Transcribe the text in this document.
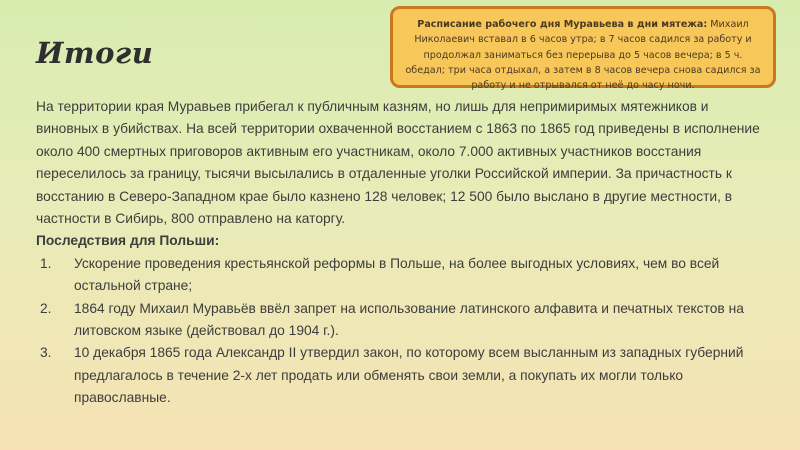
Итоги
Расписание рабочего дня Муравьева в дни мятежа: Михаил Николаевич вставал в 6 часов утра; в 7 часов садился за работу и продолжал заниматься без перерыва до 5 часов вечера; в 5 ч. обедал; три часа отдыхал, а затем в 8 часов вечера снова садился за работу и не отрывался от неё до часу ночи.

На территории края Муравьев прибегал к публичным казням, но лишь для непримиримых мятежников и виновных в убийствах. На всей территории охваченной восстанием с 1863 по 1865 год приведены в исполнение около 400 смертных приговоров активным его участникам, около 7.000 активных участников восстания переселилось за границу, тысячи высылались в отдаленные уголки Российской империи. За причастность к восстанию в Северо-Западном крае было казнено 128 человек; 12 500 было выслано в другие местности, в частности в Сибирь, 800 отправлено на каторгу.

Последствия для Польши:

1. Ускорение проведения крестьянской реформы в Польше, на более выгодных условиях, чем во всей остальной стране;
2. 1864 году Михаил Муравьёв ввёл запрет на использование латинского алфавита и печатных текстов на литовском языке (действовал до 1904 г.).
3. 10 декабря 1865 года Александр II утвердил закон, по которому всем высланным из западных губерний предлагалось в течение 2-х лет продать или обменять свои земли, а покупать их могли только православные.
